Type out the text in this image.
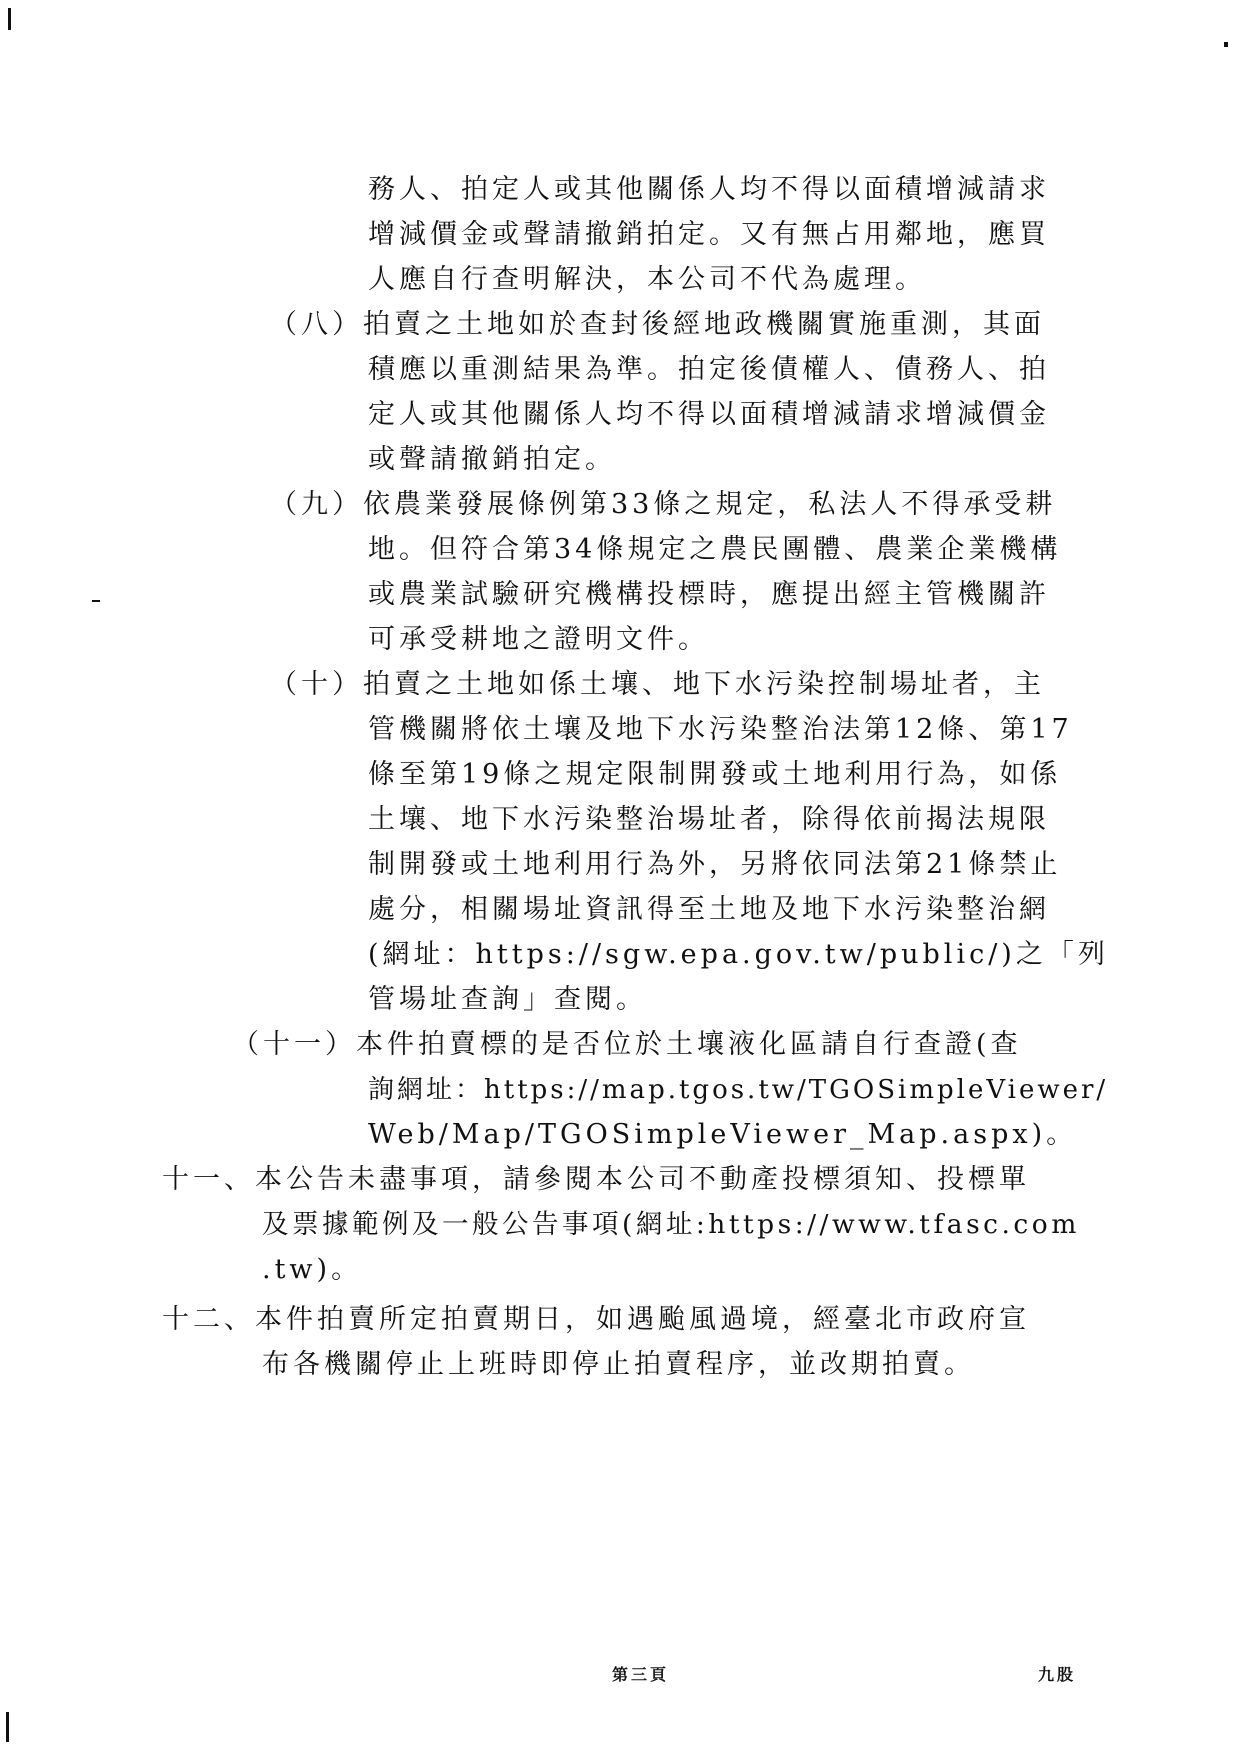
務人、拍定人或其他關係人均不得以面積增減請求
增減價金或聲請撤銷拍定。又有無占用鄰地，應買
人應自行查明解決，本公司不代為處理。
（八）拍賣之土地如於查封後經地政機關實施重測，其面
積應以重測結果為準。拍定後債權人、債務人、拍
定人或其他關係人均不得以面積增減請求增減價金
或聲請撤銷拍定。
（九）依農業發展條例第33條之規定，私法人不得承受耕
地。但符合第34條規定之農民團體、農業企業機構
或農業試驗研究機構投標時，應提出經主管機關許
可承受耕地之證明文件。
（十）拍賣之土地如係土壤、地下水污染控制場址者，主
管機關將依土壤及地下水污染整治法第12條、第17
條至第19條之規定限制開發或土地利用行為，如係
土壤、地下水污染整治場址者，除得依前揭法規限
制開發或土地利用行為外，另將依同法第21條禁止
處分，相關場址資訊得至土地及地下水污染整治網
(網址：https://sgw.epa.gov.tw/public/)之「列
管場址查詢」查閱。
（十一）本件拍賣標的是否位於土壤液化區請自行查證(查
詢網址：https://map.tgos.tw/TGOSimpleViewer/
Web/Map/TGOSimpleViewer_Map.aspx)。
十一、本公告未盡事項，請參閱本公司不動產投標須知、投標單
及票據範例及一般公告事項(網址:https://www.tfasc.com
.tw)。
十二、本件拍賣所定拍賣期日，如遇颱風過境，經臺北市政府宣
布各機關停止上班時即停止拍賣程序，並改期拍賣。
第三頁	九股
